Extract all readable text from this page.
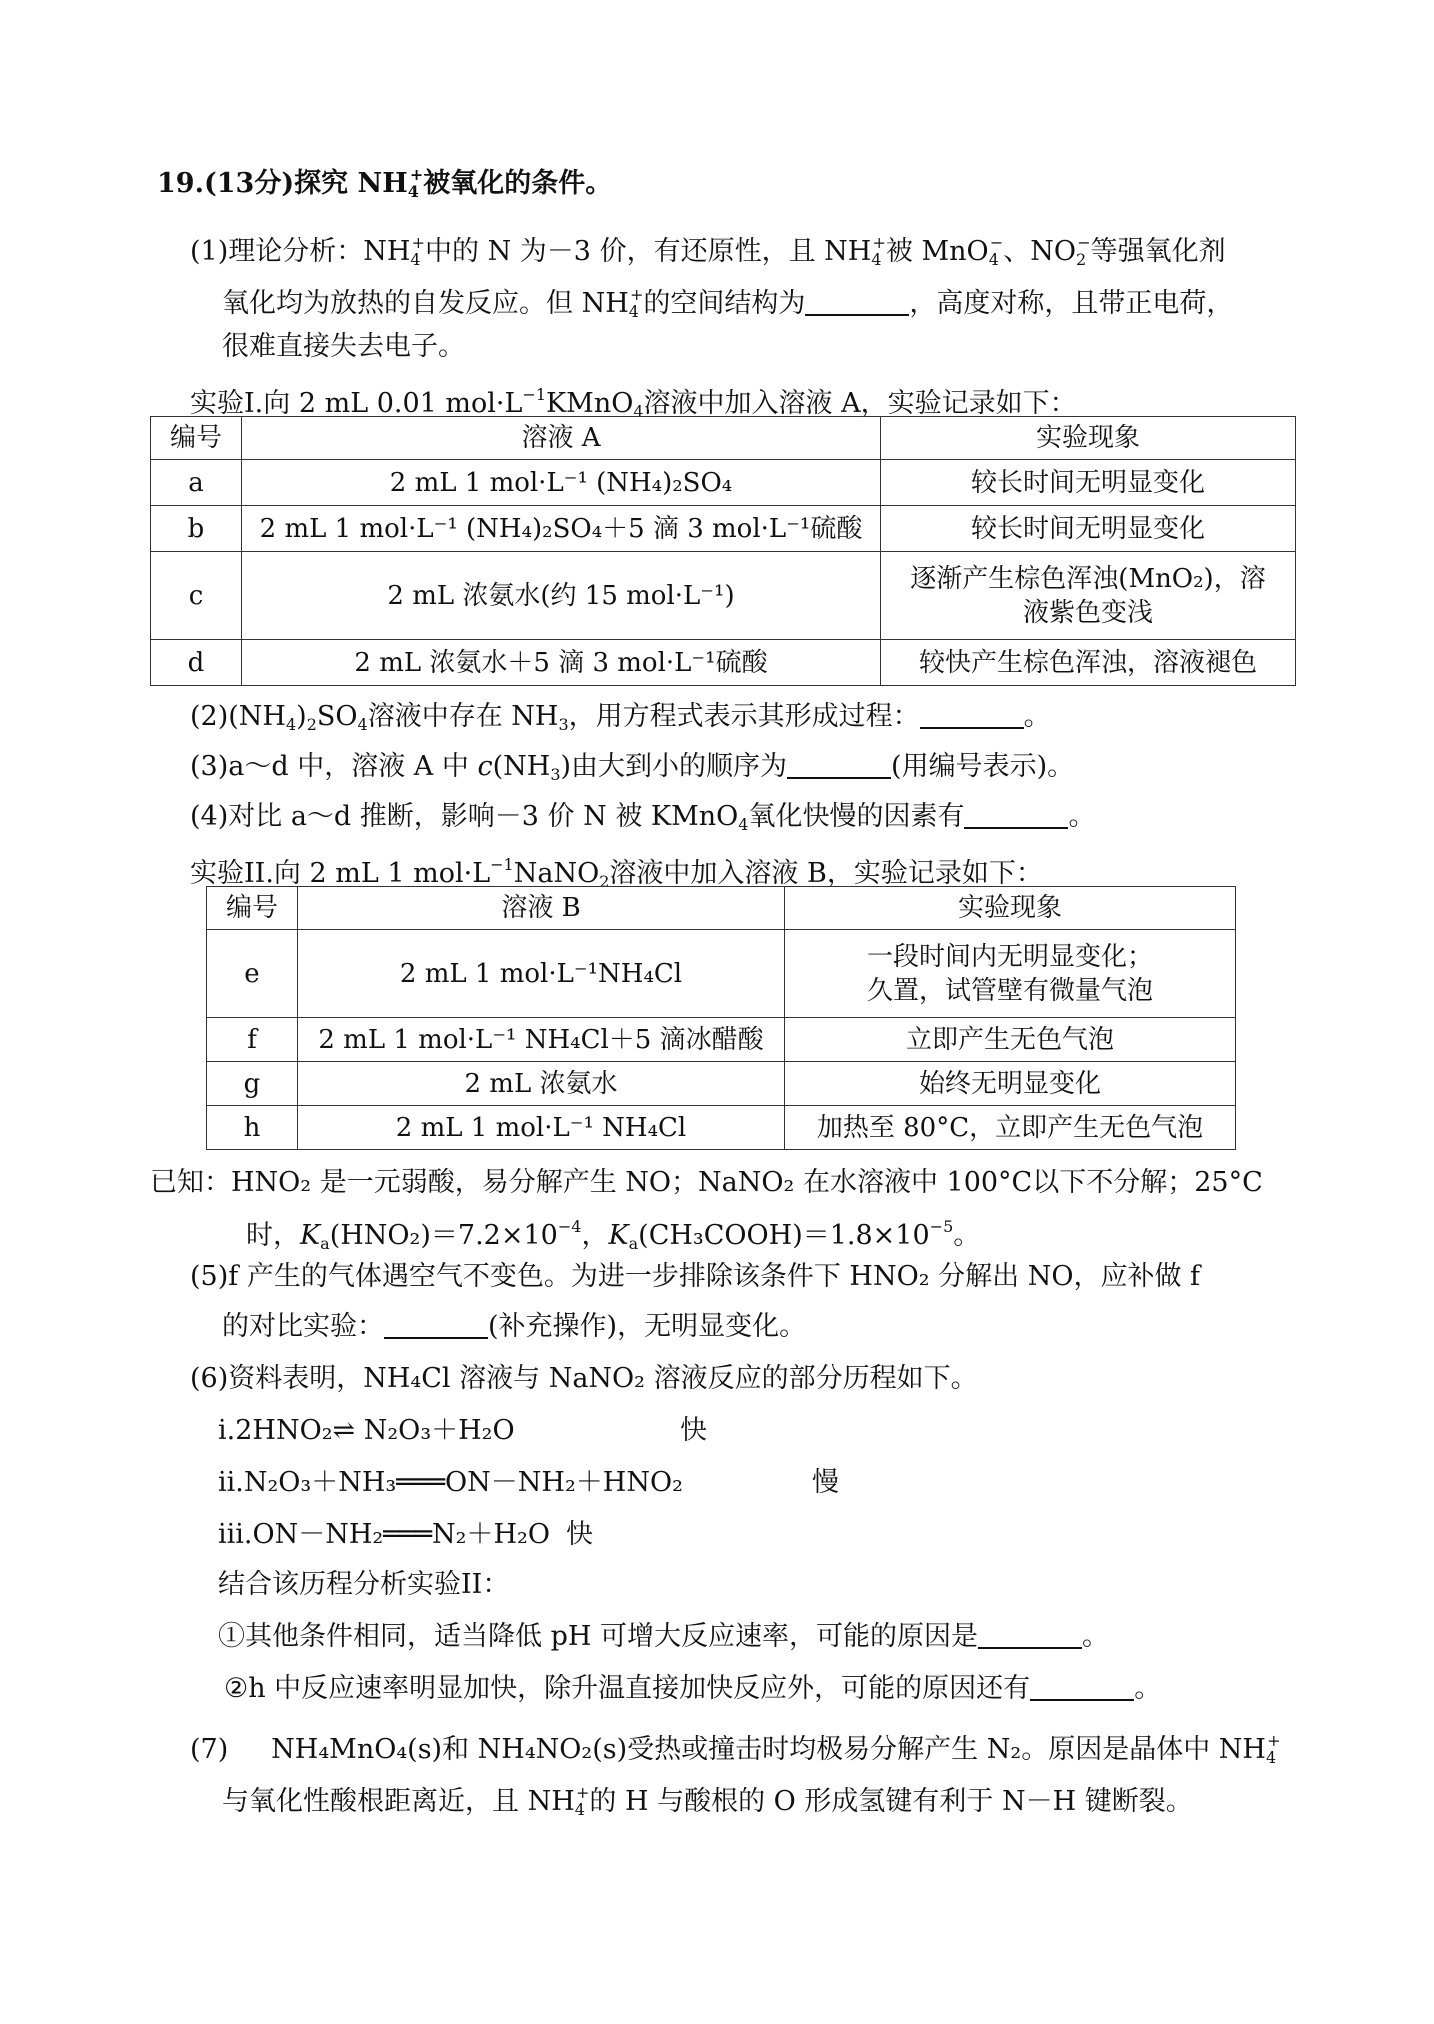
19.(13分)探究 $NH_4^+$被氧化的条件。
(1)理论分析：$NH_4^+$中的 N 为－3 价，有还原性，且 $NH_4^+$被 MnO$_4$−、$NO_2^-$等强氧化剂
氧化均为放热的自发反应。但 $NH_4^+$的空间结构为	，高度对称，且带正电荷，
很难直接失去电子。
实验I.向 2 mL 0.01 $mol\cdot L^{-1}KMnO_4$溶液中加入溶液 A，实验记录如下：
编号	溶液 A	实验现象
a	2 mL 1 mol·L⁻¹ (NH₄)₂SO₄	较长时间无明显变化
b	2 mL 1 mol·L⁻¹ (NH₄)₂SO₄＋5 滴 3 mol·L⁻¹硫酸	较长时间无明显变化
c	2 mL 浓氨水(约 15 mol·L⁻¹)	逐渐产生棕色浑浊(MnO₂)，溶液紫色变浅
d	2 mL 浓氨水＋5 滴 3 mol·L⁻¹硫酸	较快产生棕色浑浊，溶液褪色
$(2)(NH_4)_2SO_4$溶液中存在 $NH_3$，用方程式表示其形成过程：	。
(3)a～d 中，溶液 A 中 $c(NH_3)$由大到小的顺序为	(用编号表示)。
(4)对比 a～d 推断，影响－3 价 N 被 KMnO$_4$氧化快慢的因素有	。
实验II.向 2 mL 1 $mol\cdot L^{-1}NaNO_2$溶液中加入溶液 B，实验记录如下：
编号	溶液 B	实验现象
e	2 mL 1 mol·L⁻¹NH₄Cl	一段时间内无明显变化；
久置，试管壁有微量气泡

f	2 mL 1 mol·L⁻¹ NH₄Cl＋5 滴冰醋酸	立即产生无色气泡
g	2 mL 浓氨水	始终无明显变化
h	2 mL 1 mol·L⁻¹ NH₄Cl	加热至 80°C，立即产生无色气泡
已知：HNO₂ 是一元弱酸，易分解产生 NO；NaNO₂ 在水溶液中 100°C以下不分解；25°C
时，$K_a(HNO_2)=7.2\times 10^{-4}$，$K_a(CH_3COOH)=1.8\times 10^{-5}$。
(5)f 产生的气体遇空气不变色。为进一步排除该条件下 HNO₂ 分解出 NO，应补做 f
的对比实验：	(补充操作)，无明显变化。
(6)资料表明，NH₄Cl 溶液与 NaNO₂ 溶液反应的部分历程如下。
i.2HNO₂⇌ N₂O₃＋H₂O	快
ii.N₂O₃＋NH₃═══ON－NH₂＋HNO₂	慢
iii.ON－NH₂═══N₂＋H₂O 快
结合该历程分析实验II：
①其他条件相同，适当降低 pH 可增大反应速率，可能的原因是	。
②h 中反应速率明显加快，除升温直接加快反应外，可能的原因还有	。
(7) NH₄MnO₄(s)和 NH₄NO₂(s)受热或撞击时均极易分解产生 N₂。原因是晶体中 $NH_4^+$
与氧化性酸根距离近，且 $NH_4^+$的 H 与酸根的 O 形成氢键有利于 N－H 键断裂。
